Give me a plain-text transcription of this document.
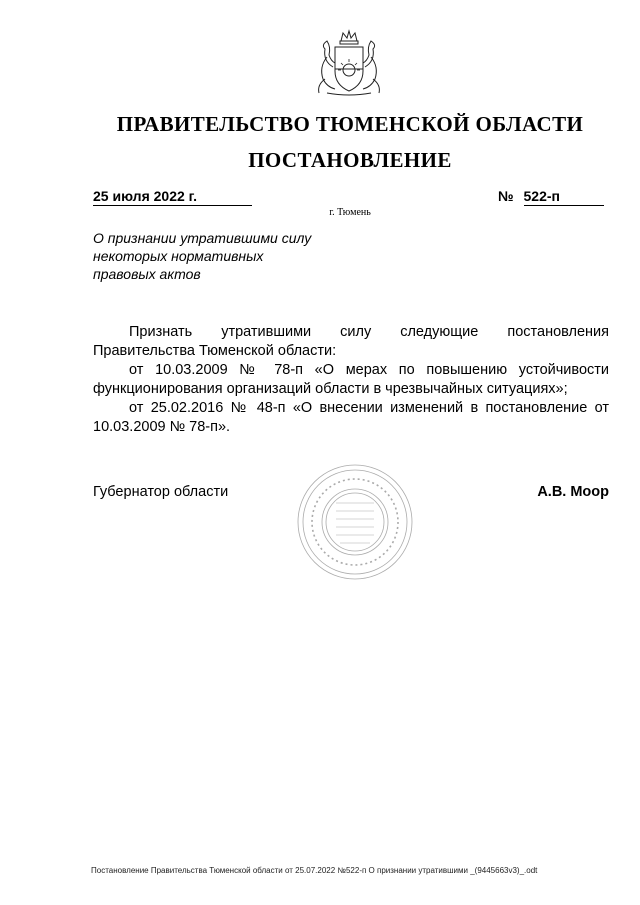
ПРАВИТЕЛЬСТВО ТЮМЕНСКОЙ ОБЛАСТИ
ПОСТАНОВЛЕНИЕ
25 июля 2022 г.	№ 522-п
г. Тюмень
О признании утратившими силу
некоторых нормативных
правовых актов

Признать утратившими силу следующие постановления Правительства Тюменской области:

от 10.03.2009 № 78-п «О мерах по повышению устойчивости функционирования организаций области в чрезвычайных ситуациях»;

от 25.02.2016 № 48-п «О внесении изменений в постановление от 10.03.2009 № 78-п».

Губернатор области	А.В. Моор
Постановление Правительства Тюменской области от 25.07.2022 №522-п О признании утратившими _(9445663v3)_.odt
